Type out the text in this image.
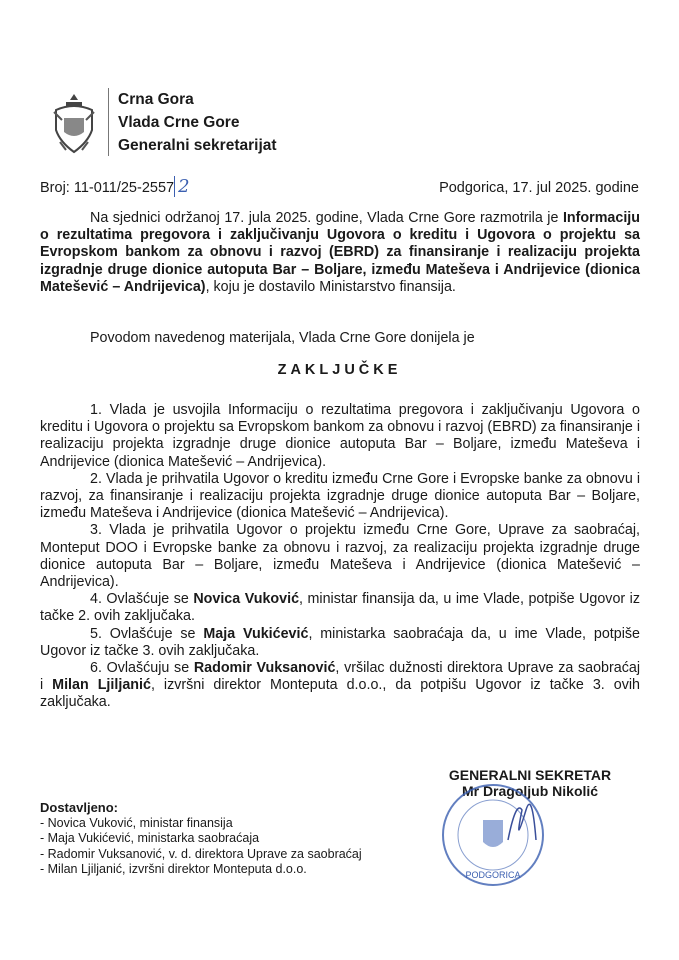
Crna Gora
Vlada Crne Gore
Generalni sekretarijat
Broj: 11-011/25-2557 2	Podgorica, 17. jul 2025. godine
Na sjednici održanoj 17. jula 2025. godine, Vlada Crne Gore razmotrila je Informaciju o rezultatima pregovora i zaključivanju Ugovora o kreditu i Ugovora o projektu sa Evropskom bankom za obnovu i razvoj (EBRD) za finansiranje i realizaciju projekta izgradnje druge dionice autoputa Bar – Boljare, između Mateševa i Andrijevice (dionica Matešević – Andrijevica), koju je dostavilo Ministarstvo finansija.
Povodom navedenog materijala, Vlada Crne Gore donijela je
ZAKLJUČKE
1. Vlada je usvojila Informaciju o rezultatima pregovora i zaključivanju Ugovora o kreditu i Ugovora o projektu sa Evropskom bankom za obnovu i razvoj (EBRD) za finansiranje i realizaciju projekta izgradnje druge dionice autoputa Bar – Boljare, između Mateševa i Andrijevice (dionica Matešević – Andrijevica).
2. Vlada je prihvatila Ugovor o kreditu između Crne Gore i Evropske banke za obnovu i razvoj, za finansiranje i realizaciju projekta izgradnje druge dionice autoputa Bar – Boljare, između Mateševa i Andrijevice (dionica Matešević – Andrijevica).
3. Vlada je prihvatila Ugovor o projektu između Crne Gore, Uprave za saobraćaj, Monteput DOO i Evropske banke za obnovu i razvoj, za realizaciju projekta izgradnje druge dionice autoputa Bar – Boljare, između Mateševa i Andrijevice (dionica Matešević – Andrijevica).
4. Ovlašćuje se Novica Vuković, ministar finansija da, u ime Vlade, potpiše Ugovor iz tačke 2. ovih zaključaka.
5. Ovlašćuje se Maja Vukićević, ministarka saobraćaja da, u ime Vlade, potpiše Ugovor iz tačke 3. ovih zaključaka.
6. Ovlašćuju se Radomir Vuksanović, vršilac dužnosti direktora Uprave za saobraćaj i Milan Ljiljanić, izvršni direktor Monteputa d.o.o., da potpišu Ugovor iz tačke 3. ovih zaključaka.
GENERALNI SEKRETAR
Mr Dragoljub Nikolić
PODGORICA
Dostavljeno:
- Novica Vuković, ministar finansija
- Maja Vukićević, ministarka saobraćaja
- Radomir Vuksanović, v. d. direktora Uprave za saobraćaj
- Milan Ljiljanić, izvršni direktor Monteputa d.o.o.
